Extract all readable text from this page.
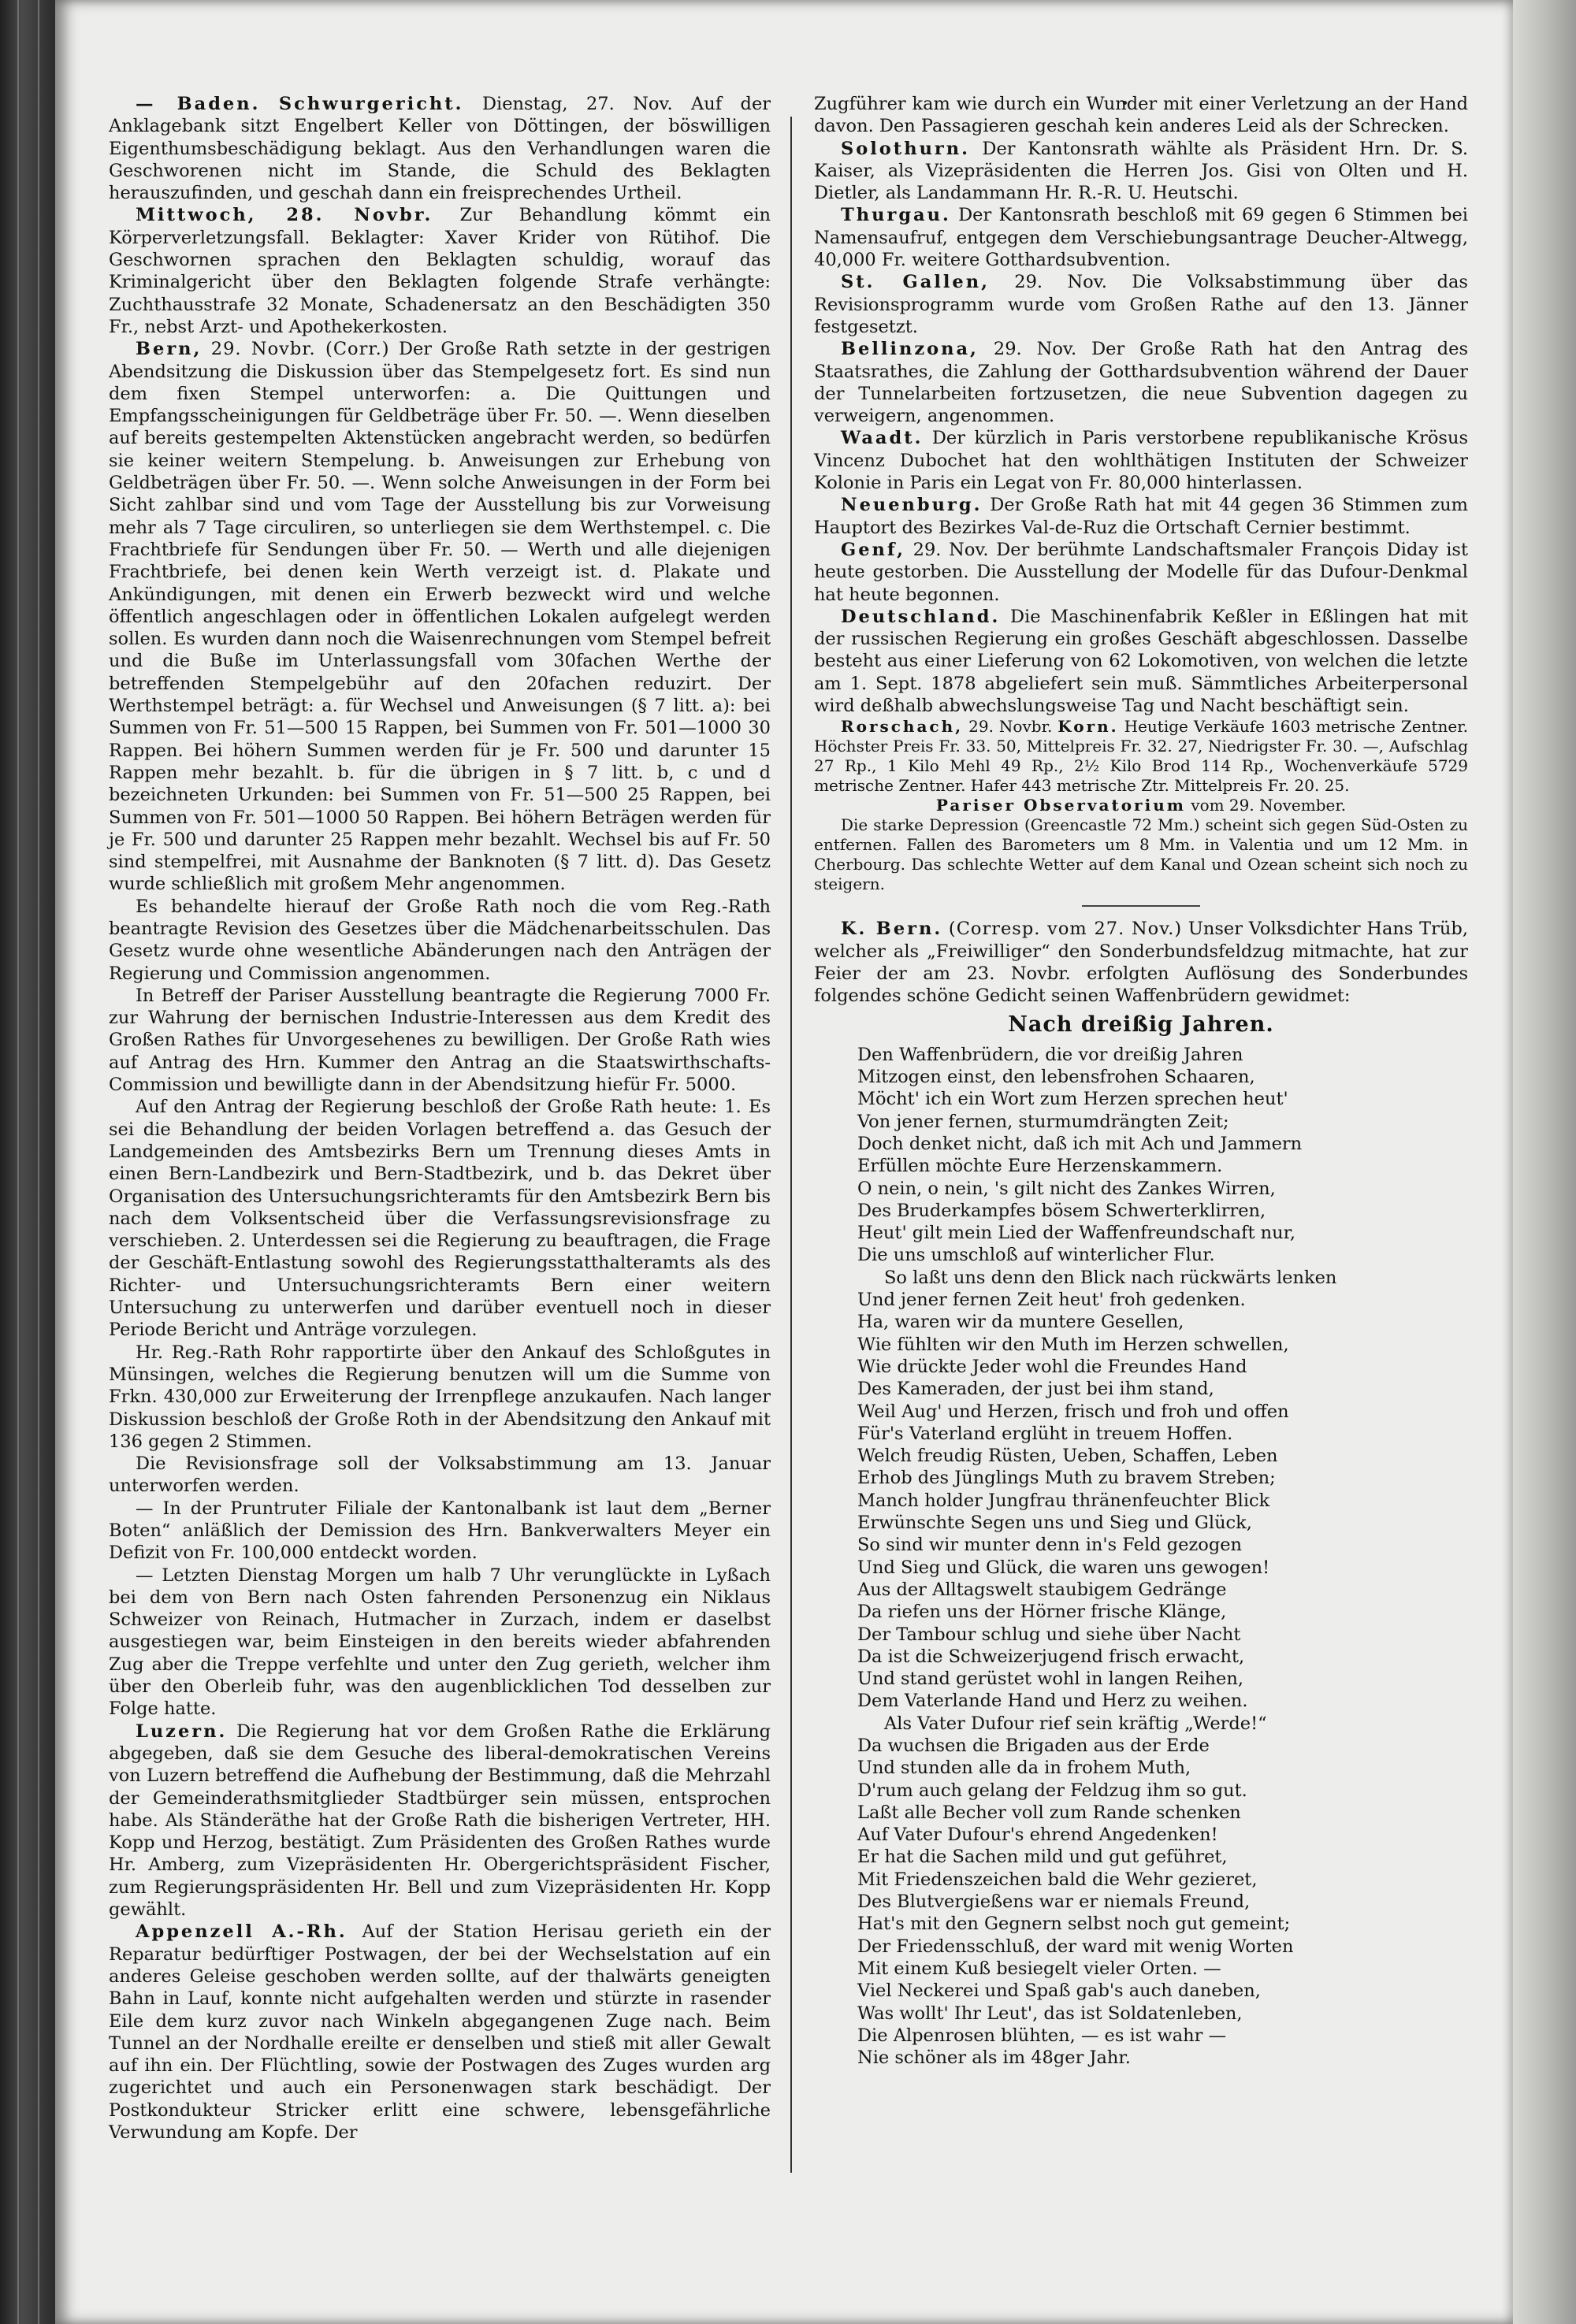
— Baden. Schwurgericht. Dienstag, 27. Nov. Auf der Anklagebank sitzt Engelbert Keller von Döttingen, der böswilligen Eigenthumsbeschädigung beklagt. Aus den Verhandlungen waren die Geschworenen nicht im Stande, die Schuld des Beklagten herauszufinden, und geschah dann ein freisprechendes Urtheil.

Mittwoch, 28. Novbr. Zur Behandlung kömmt ein Körperverletzungsfall. Beklagter: Xaver Krider von Rütihof. Die Geschwornen sprachen den Beklagten schuldig, worauf das Kriminalgericht über den Beklagten folgende Strafe verhängte: Zuchthausstrafe 32 Monate, Schadenersatz an den Beschädigten 350 Fr., nebst Arzt- und Apothekerkosten.

Bern, 29. Novbr. (Corr.) Der Große Rath setzte in der gestrigen Abendsitzung die Diskussion über das Stempelgesetz fort. Es sind nun dem fixen Stempel unterworfen: a. Die Quittungen und Empfangsscheinigungen für Geldbeträge über Fr. 50. —. Wenn dieselben auf bereits gestempelten Aktenstücken angebracht werden, so bedürfen sie keiner weitern Stempelung. b. Anweisungen zur Erhebung von Geldbeträgen über Fr. 50. —. Wenn solche Anweisungen in der Form bei Sicht zahlbar sind und vom Tage der Ausstellung bis zur Vorweisung mehr als 7 Tage circuliren, so unterliegen sie dem Werthstempel. c. Die Frachtbriefe für Sendungen über Fr. 50. — Werth und alle diejenigen Frachtbriefe, bei denen kein Werth verzeigt ist. d. Plakate und Ankündigungen, mit denen ein Erwerb bezweckt wird und welche öffentlich angeschlagen oder in öffentlichen Lokalen aufgelegt werden sollen. Es wurden dann noch die Waisenrechnungen vom Stempel befreit und die Buße im Unterlassungsfall vom 30fachen Werthe der betreffenden Stempelgebühr auf den 20fachen reduzirt. Der Werthstempel beträgt: a. für Wechsel und Anweisungen (§ 7 litt. a): bei Summen von Fr. 51—500 15 Rappen, bei Summen von Fr. 501—1000 30 Rappen. Bei höhern Summen werden für je Fr. 500 und darunter 15 Rappen mehr bezahlt. b. für die übrigen in § 7 litt. b, c und d bezeichneten Urkunden: bei Summen von Fr. 51—500 25 Rappen, bei Summen von Fr. 501—1000 50 Rappen. Bei höhern Beträgen werden für je Fr. 500 und darunter 25 Rappen mehr bezahlt. Wechsel bis auf Fr. 50 sind stempelfrei, mit Ausnahme der Banknoten (§ 7 litt. d). Das Gesetz wurde schließlich mit großem Mehr angenommen.

Es behandelte hierauf der Große Rath noch die vom Reg.-Rath beantragte Revision des Gesetzes über die Mädchenarbeitsschulen. Das Gesetz wurde ohne wesentliche Abänderungen nach den Anträgen der Regierung und Commission angenommen.

In Betreff der Pariser Ausstellung beantragte die Regierung 7000 Fr. zur Wahrung der bernischen Industrie-Interessen aus dem Kredit des Großen Rathes für Unvorgesehenes zu bewilligen. Der Große Rath wies auf Antrag des Hrn. Kummer den Antrag an die Staatswirthschafts-Commission und bewilligte dann in der Abendsitzung hiefür Fr. 5000.

Auf den Antrag der Regierung beschloß der Große Rath heute: 1. Es sei die Behandlung der beiden Vorlagen betreffend a. das Gesuch der Landgemeinden des Amtsbezirks Bern um Trennung dieses Amts in einen Bern-Landbezirk und Bern-Stadtbezirk, und b. das Dekret über Organisation des Untersuchungsrichteramts für den Amtsbezirk Bern bis nach dem Volksentscheid über die Verfassungsrevisionsfrage zu verschieben. 2. Unterdessen sei die Regierung zu beauftragen, die Frage der Geschäft-Entlastung sowohl des Regierungsstatthalteramts als des Richter- und Untersuchungsrichteramts Bern einer weitern Untersuchung zu unterwerfen und darüber eventuell noch in dieser Periode Bericht und Anträge vorzulegen.

Hr. Reg.-Rath Rohr rapportirte über den Ankauf des Schloßgutes in Münsingen, welches die Regierung benutzen will um die Summe von Frkn. 430,000 zur Erweiterung der Irrenpflege anzukaufen. Nach langer Diskussion beschloß der Große Roth in der Abendsitzung den Ankauf mit 136 gegen 2 Stimmen.

Die Revisionsfrage soll der Volksabstimmung am 13. Januar unterworfen werden.

— In der Pruntruter Filiale der Kantonalbank ist laut dem „Berner Boten“ anläßlich der Demission des Hrn. Bankverwalters Meyer ein Defizit von Fr. 100,000 entdeckt worden.

— Letzten Dienstag Morgen um halb 7 Uhr verunglückte in Lyßach bei dem von Bern nach Osten fahrenden Personenzug ein Niklaus Schweizer von Reinach, Hutmacher in Zurzach, indem er daselbst ausgestiegen war, beim Einsteigen in den bereits wieder abfahrenden Zug aber die Treppe verfehlte und unter den Zug gerieth, welcher ihm über den Oberleib fuhr, was den augenblicklichen Tod desselben zur Folge hatte.

Luzern. Die Regierung hat vor dem Großen Rathe die Erklärung abgegeben, daß sie dem Gesuche des liberal-demokratischen Vereins von Luzern betreffend die Aufhebung der Bestimmung, daß die Mehrzahl der Gemeinderathsmitglieder Stadtbürger sein müssen, entsprochen habe. Als Ständeräthe hat der Große Rath die bisherigen Vertreter, HH. Kopp und Herzog, bestätigt. Zum Präsidenten des Großen Rathes wurde Hr. Amberg, zum Vizepräsidenten Hr. Obergerichtspräsident Fischer, zum Regierungspräsidenten Hr. Bell und zum Vizepräsidenten Hr. Kopp gewählt.

Appenzell A.-Rh. Auf der Station Herisau gerieth ein der Reparatur bedürftiger Postwagen, der bei der Wechselstation auf ein anderes Geleise geschoben werden sollte, auf der thalwärts geneigten Bahn in Lauf, konnte nicht aufgehalten werden und stürzte in rasender Eile dem kurz zuvor nach Winkeln abgegangenen Zuge nach. Beim Tunnel an der Nordhalle ereilte er denselben und stieß mit aller Gewalt auf ihn ein. Der Flüchtling, sowie der Postwagen des Zuges wurden arg zugerichtet und auch ein Personenwagen stark beschädigt. Der Postkondukteur Stricker erlitt eine schwere, lebensgefährliche Verwundung am Kopfe. Der

Zugführer kam wie durch ein Wunder mit einer Verletzung an der Hand davon. Den Passagieren geschah kein anderes Leid als der Schrecken.

Solothurn. Der Kantonsrath wählte als Präsident Hrn. Dr. S. Kaiser, als Vizepräsidenten die Herren Jos. Gisi von Olten und H. Dietler, als Landammann Hr. R.-R. U. Heutschi.

Thurgau. Der Kantonsrath beschloß mit 69 gegen 6 Stimmen bei Namensaufruf, entgegen dem Verschiebungsantrage Deucher-Altwegg, 40,000 Fr. weitere Gotthardsubvention.

St. Gallen, 29. Nov. Die Volksabstimmung über das Revisionsprogramm wurde vom Großen Rathe auf den 13. Jänner festgesetzt.

Bellinzona, 29. Nov. Der Große Rath hat den Antrag des Staatsrathes, die Zahlung der Gotthardsubvention während der Dauer der Tunnelarbeiten fortzusetzen, die neue Subvention dagegen zu verweigern, angenommen.

Waadt. Der kürzlich in Paris verstorbene republikanische Krösus Vincenz Dubochet hat den wohlthätigen Instituten der Schweizer Kolonie in Paris ein Legat von Fr. 80,000 hinterlassen.

Neuenburg. Der Große Rath hat mit 44 gegen 36 Stimmen zum Hauptort des Bezirkes Val-de-Ruz die Ortschaft Cernier bestimmt.

Genf, 29. Nov. Der berühmte Landschaftsmaler François Diday ist heute gestorben. Die Ausstellung der Modelle für das Dufour-Denkmal hat heute begonnen.

Deutschland. Die Maschinenfabrik Keßler in Eßlingen hat mit der russischen Regierung ein großes Geschäft abgeschlossen. Dasselbe besteht aus einer Lieferung von 62 Lokomotiven, von welchen die letzte am 1. Sept. 1878 abgeliefert sein muß. Sämmtliches Arbeiterpersonal wird deßhalb abwechslungsweise Tag und Nacht beschäftigt sein.

Rorschach, 29. Novbr. Korn. Heutige Verkäufe 1603 metrische Zentner. Höchster Preis Fr. 33. 50, Mittelpreis Fr. 32. 27, Niedrigster Fr. 30. —, Aufschlag 27 Rp., 1 Kilo Mehl 49 Rp., 2½ Kilo Brod 114 Rp., Wochenverkäufe 5729 metrische Zentner. Hafer 443 metrische Ztr. Mittelpreis Fr. 20. 25.

Pariser Observatorium vom 29. November.

Die starke Depression (Greencastle 72 Mm.) scheint sich gegen Süd-Osten zu entfernen. Fallen des Barometers um 8 Mm. in Valentia und um 12 Mm. in Cherbourg. Das schlechte Wetter auf dem Kanal und Ozean scheint sich noch zu steigern.

K. Bern. (Corresp. vom 27. Nov.) Unser Volksdichter Hans Trüb, welcher als „Freiwilliger“ den Sonderbundsfeldzug mitmachte, hat zur Feier der am 23. Novbr. erfolgten Auflösung des Sonderbundes folgendes schöne Gedicht seinen Waffenbrüdern gewidmet:

Nach dreißig Jahren.
Den Waffenbrüdern, die vor dreißig Jahren
Mitzogen einst, den lebensfrohen Schaaren,
Möcht' ich ein Wort zum Herzen sprechen heut'
Von jener fernen, sturmumdrängten Zeit;
Doch denket nicht, daß ich mit Ach und Jammern
Erfüllen möchte Eure Herzenskammern.
O nein, o nein, 's gilt nicht des Zankes Wirren,
Des Bruderkampfes bösem Schwerterklirren,
Heut' gilt mein Lied der Waffenfreundschaft nur,
Die uns umschloß auf winterlicher Flur.
So laßt uns denn den Blick nach rückwärts lenken
Und jener fernen Zeit heut' froh gedenken.
Ha, waren wir da muntere Gesellen,
Wie fühlten wir den Muth im Herzen schwellen,
Wie drückte Jeder wohl die Freundes Hand
Des Kameraden, der just bei ihm stand,
Weil Aug' und Herzen, frisch und froh und offen
Für's Vaterland erglüht in treuem Hoffen.
Welch freudig Rüsten, Ueben, Schaffen, Leben
Erhob des Jünglings Muth zu bravem Streben;
Manch holder Jungfrau thränenfeuchter Blick
Erwünschte Segen uns und Sieg und Glück,
So sind wir munter denn in's Feld gezogen
Und Sieg und Glück, die waren uns gewogen!
Aus der Alltagswelt staubigem Gedränge
Da riefen uns der Hörner frische Klänge,
Der Tambour schlug und siehe über Nacht
Da ist die Schweizerjugend frisch erwacht,
Und stand gerüstet wohl in langen Reihen,
Dem Vaterlande Hand und Herz zu weihen.
Als Vater Dufour rief sein kräftig „Werde!“
Da wuchsen die Brigaden aus der Erde
Und stunden alle da in frohem Muth,
D'rum auch gelang der Feldzug ihm so gut.
Laßt alle Becher voll zum Rande schenken
Auf Vater Dufour's ehrend Angedenken!
Er hat die Sachen mild und gut geführet,
Mit Friedenszeichen bald die Wehr gezieret,
Des Blutvergießens war er niemals Freund,
Hat's mit den Gegnern selbst noch gut gemeint;
Der Friedensschluß, der ward mit wenig Worten
Mit einem Kuß besiegelt vieler Orten. —
Viel Neckerei und Spaß gab's auch daneben,
Was wollt' Ihr Leut', das ist Soldatenleben,
Die Alpenrosen blühten, — es ist wahr —
Nie schöner als im 48ger Jahr.
